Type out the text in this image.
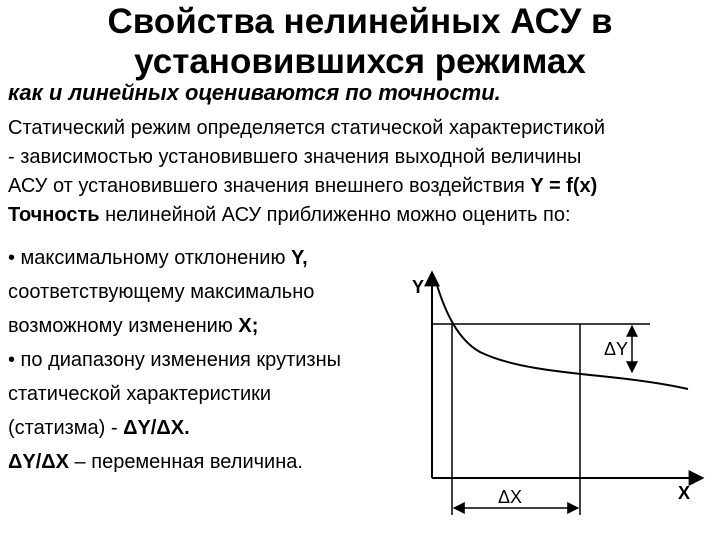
Свойства нелинейных АСУ в
установившихся режимах
как и линейных оцениваются по точности.
Статический режим определяется статической характеристикой
- зависимостью установившего значения выходной величины
АСУ от установившего значения внешнего воздействия Y = f(x)
Точность нелинейной АСУ приближенно можно оценить по:
• максимальному отклонению Y,
соответствующему максимально
возможному изменению X;
• по диапазону изменения крутизны
статической характеристики
(статизма) - ΔY/ΔX.
ΔY/ΔX – переменная величина.
Y
X
ΔY
ΔX
